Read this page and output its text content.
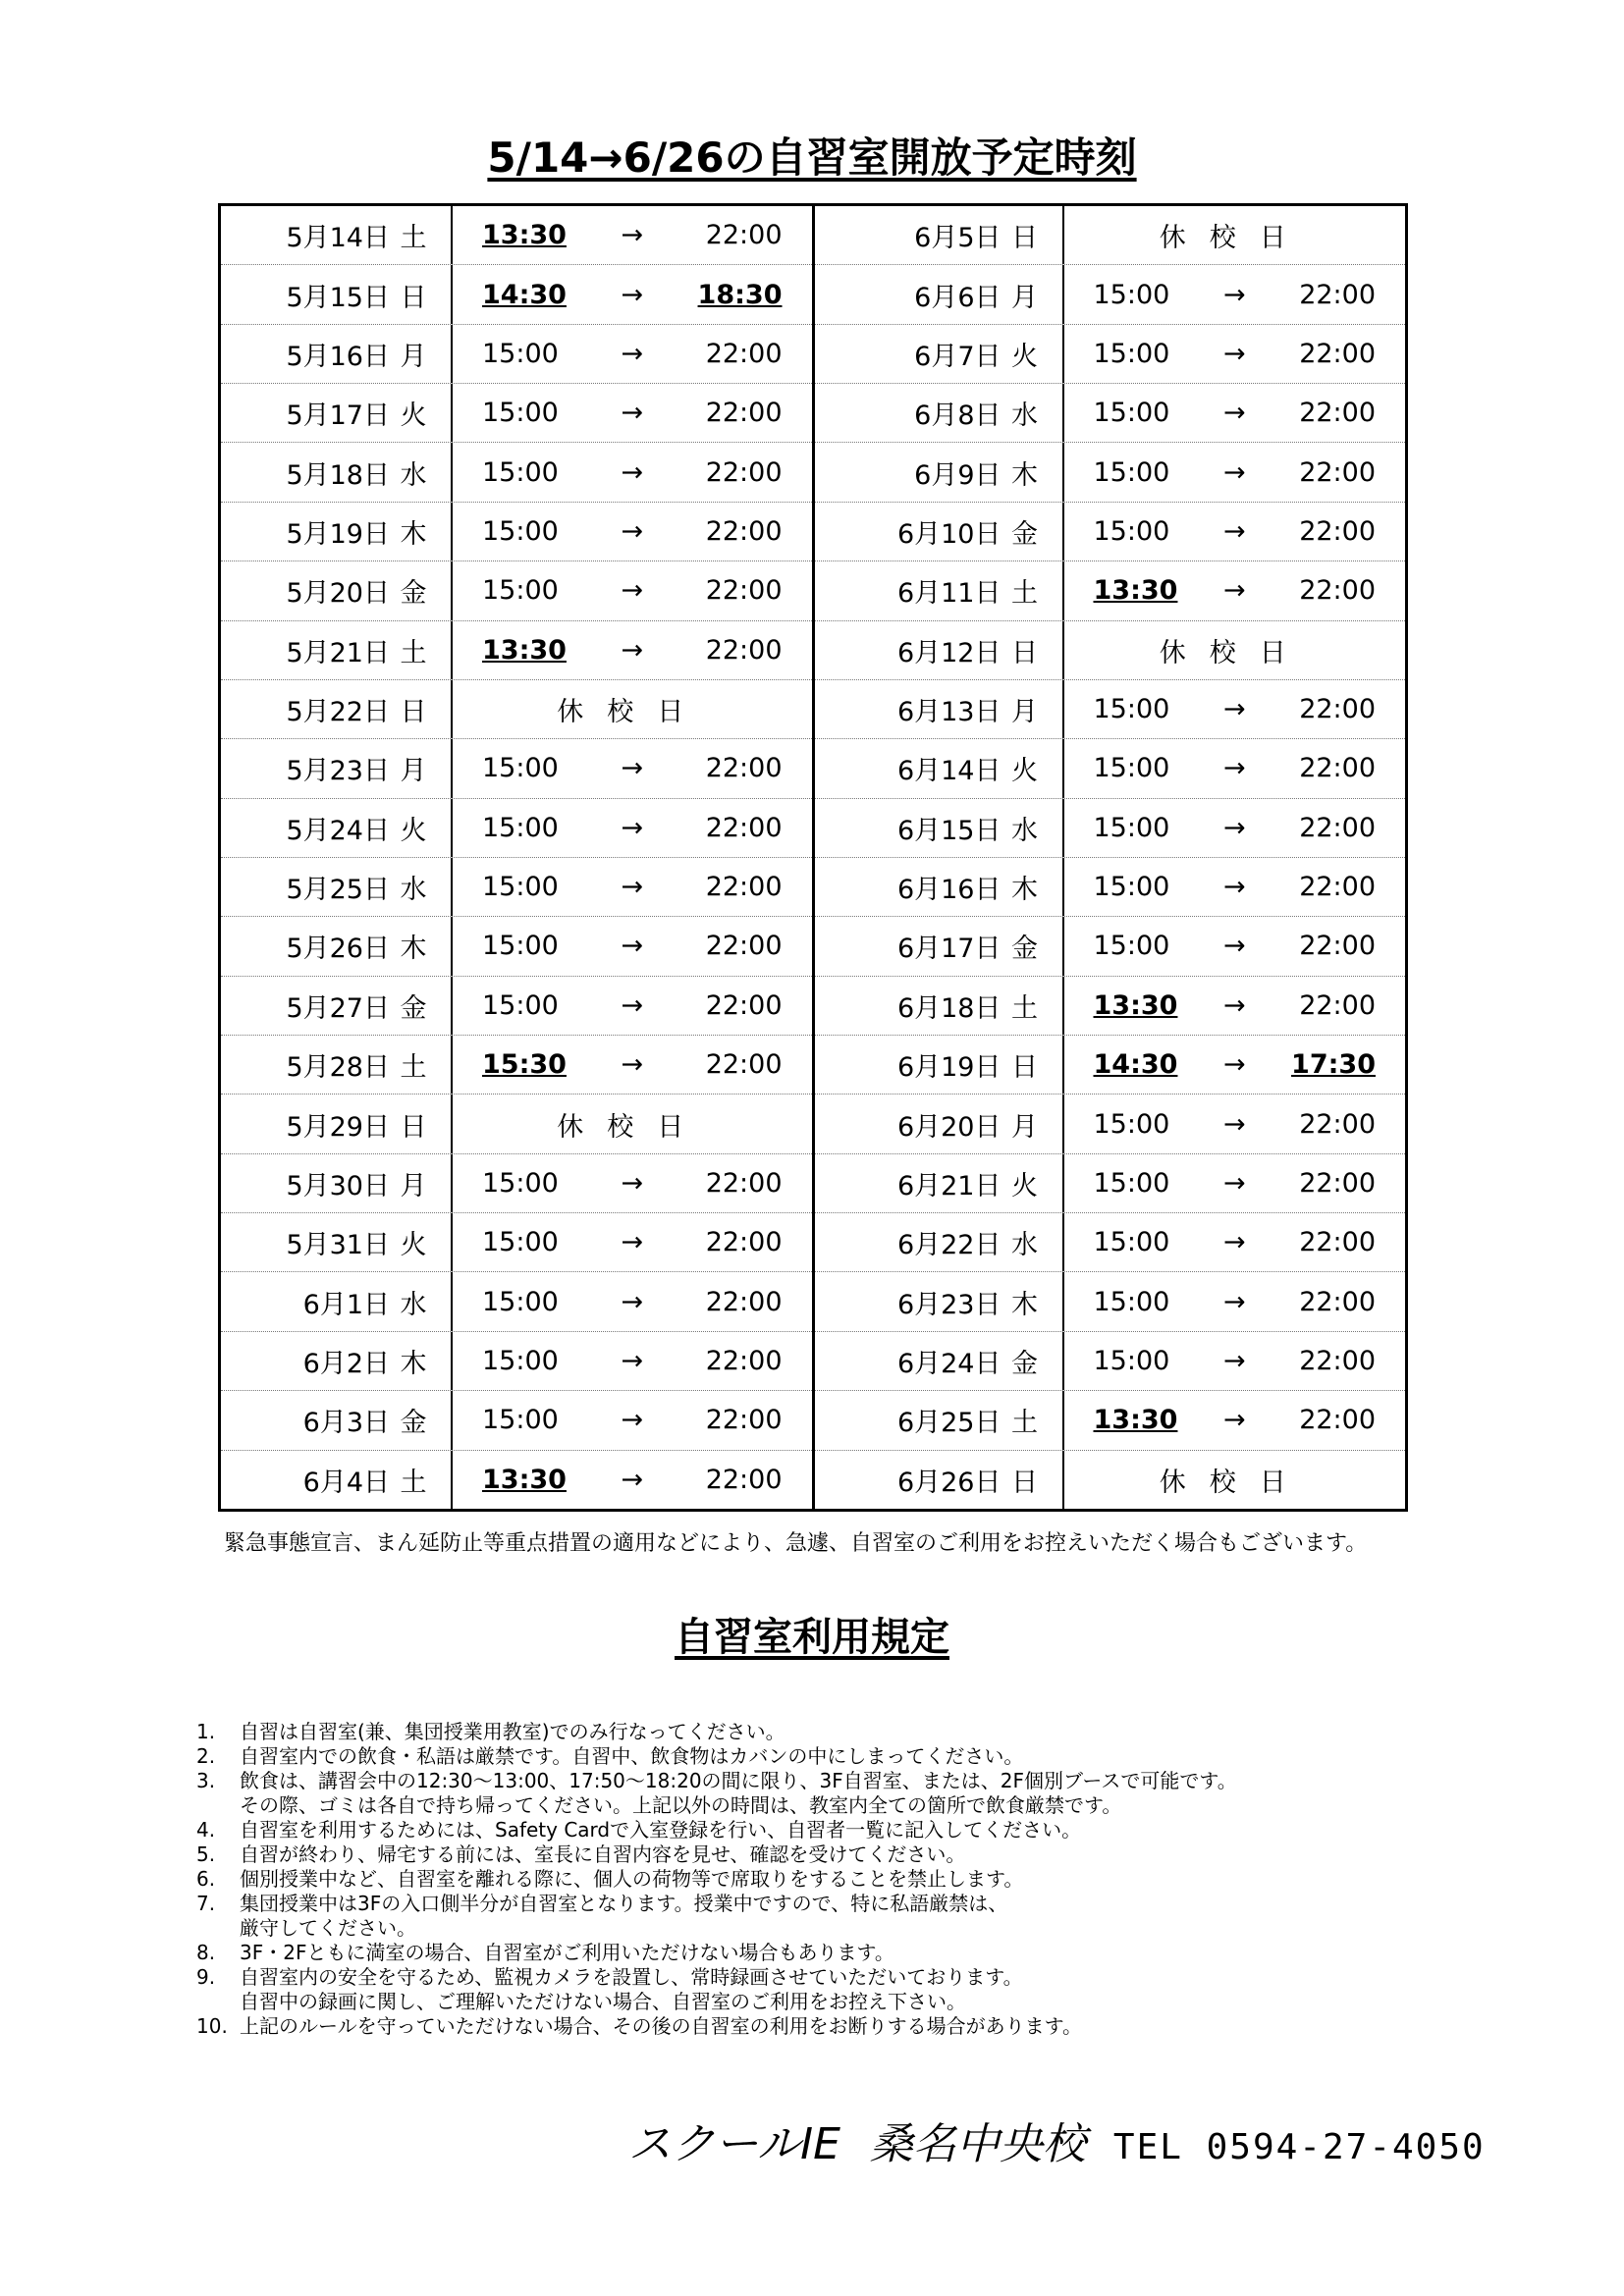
5/14→6/26の自習室開放予定時刻
5月14日 土	13:30	→	22:00
5月15日 日	14:30	→	18:30
5月16日 月	15:00	→	22:00
5月17日 火	15:00	→	22:00
5月18日 水	15:00	→	22:00
5月19日 木	15:00	→	22:00
5月20日 金	15:00	→	22:00
5月21日 土	13:30	→	22:00
5月22日 日	休校日
5月23日 月	15:00	→	22:00
5月24日 火	15:00	→	22:00
5月25日 水	15:00	→	22:00
5月26日 木	15:00	→	22:00
5月27日 金	15:00	→	22:00
5月28日 土	15:30	→	22:00
5月29日 日	休校日
5月30日 月	15:00	→	22:00
5月31日 火	15:00	→	22:00
6月1日 水	15:00	→	22:00
6月2日 木	15:00	→	22:00
6月3日 金	15:00	→	22:00
6月4日 土	13:30	→	22:00
6月5日 日	休校日
6月6日 月	15:00	→	22:00
6月7日 火	15:00	→	22:00
6月8日 水	15:00	→	22:00
6月9日 木	15:00	→	22:00
6月10日 金	15:00	→	22:00
6月11日 土	13:30	→	22:00
6月12日 日	休校日
6月13日 月	15:00	→	22:00
6月14日 火	15:00	→	22:00
6月15日 水	15:00	→	22:00
6月16日 木	15:00	→	22:00
6月17日 金	15:00	→	22:00
6月18日 土	13:30	→	22:00
6月19日 日	14:30	→	17:30
6月20日 月	15:00	→	22:00
6月21日 火	15:00	→	22:00
6月22日 水	15:00	→	22:00
6月23日 木	15:00	→	22:00
6月24日 金	15:00	→	22:00
6月25日 土	13:30	→	22:00
6月26日 日	休校日
緊急事態宣言、まん延防止等重点措置の適用などにより、急遽、自習室のご利用をお控えいただく場合もございます。
自習室利用規定
1.	自習は自習室(兼、集団授業用教室)でのみ行なってください。
2.	自習室内での飲食・私語は厳禁です。自習中、飲食物はカバンの中にしまってください。
3.	飲食は、講習会中の12:30～13:00、17:50～18:20の間に限り、3F自習室、または、2F個別ブースで可能です。
その際、ゴミは各自で持ち帰ってください。上記以外の時間は、教室内全ての箇所で飲食厳禁です。
4.	自習室を利用するためには、Safety Cardで入室登録を行い、自習者一覧に記入してください。
5.	自習が終わり、帰宅する前には、室長に自習内容を見せ、確認を受けてください。
6.	個別授業中など、自習室を離れる際に、個人の荷物等で席取りをすることを禁止します。
7.	集団授業中は3Fの入口側半分が自習室となります。授業中ですので、特に私語厳禁は、
厳守してください。
8.	3F・2Fともに満室の場合、自習室がご利用いただけない場合もあります。
9.	自習室内の安全を守るため、監視カメラを設置し、常時録画させていただいております。
自習中の録画に関し、ご理解いただけない場合、自習室のご利用をお控え下さい。
10. 上記のルールを守っていただけない場合、その後の自習室の利用をお断りする場合があります。
スクールIE 桑名中央校 TEL 0594-27-4050
